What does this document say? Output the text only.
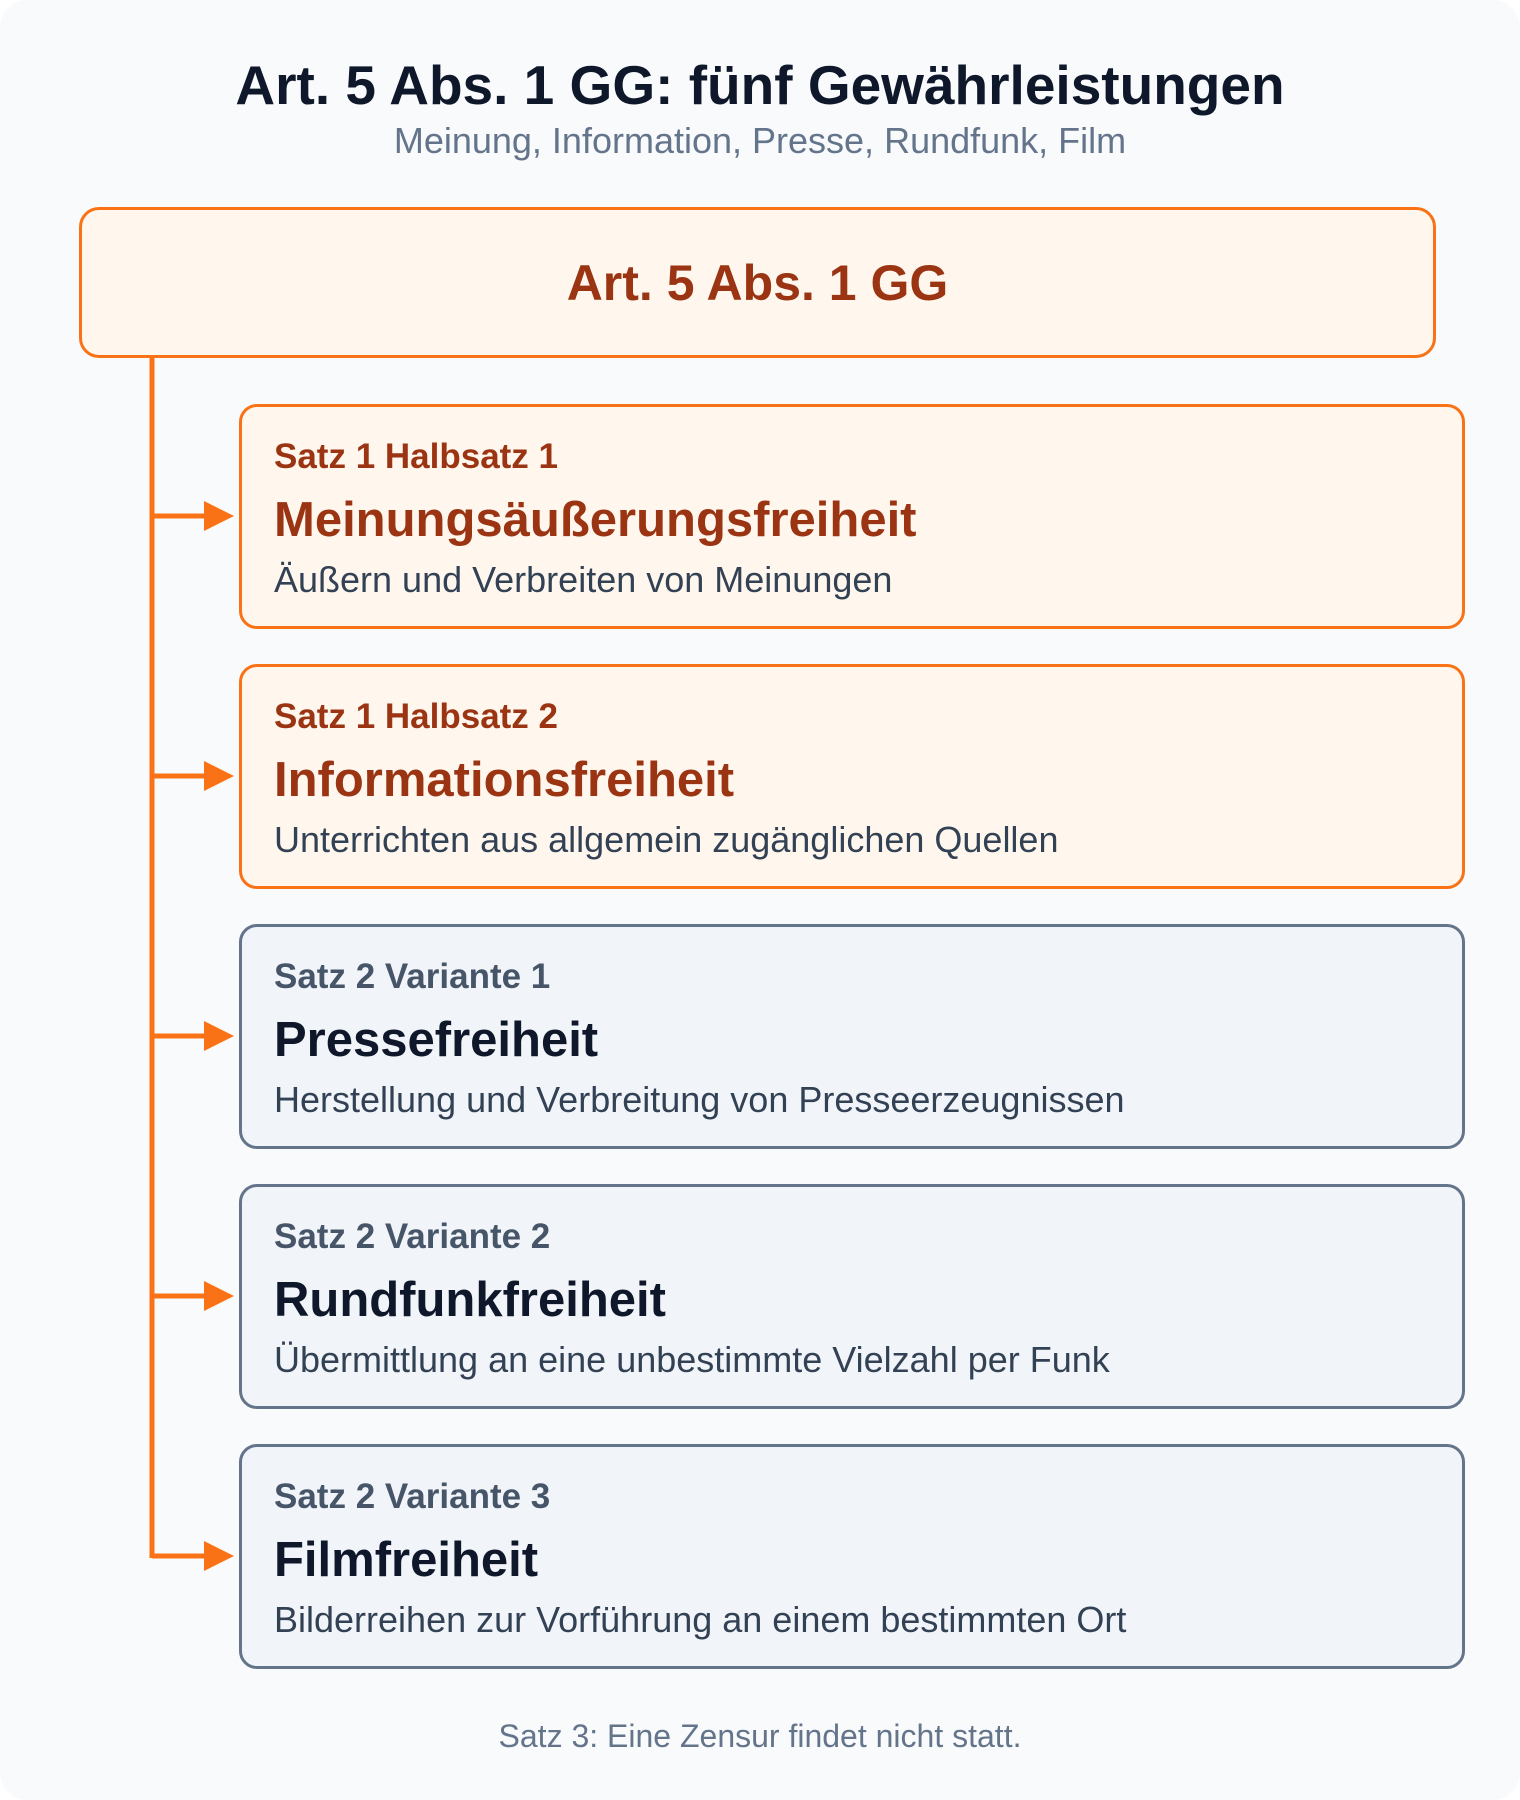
Art. 5 Abs. 1 GG: fünf Gewährleistungen
Meinung, Information, Presse, Rundfunk, Film
Art. 5 Abs. 1 GG
Satz 1 Halbsatz 1
Meinungsäußerungsfreiheit
Äußern und Verbreiten von Meinungen
Satz 1 Halbsatz 2
Informationsfreiheit
Unterrichten aus allgemein zugänglichen Quellen
Satz 2 Variante 1
Pressefreiheit
Herstellung und Verbreitung von Presseerzeugnissen
Satz 2 Variante 2
Rundfunkfreiheit
Übermittlung an eine unbestimmte Vielzahl per Funk
Satz 2 Variante 3
Filmfreiheit
Bilderreihen zur Vorführung an einem bestimmten Ort
Satz 3: Eine Zensur findet nicht statt.
